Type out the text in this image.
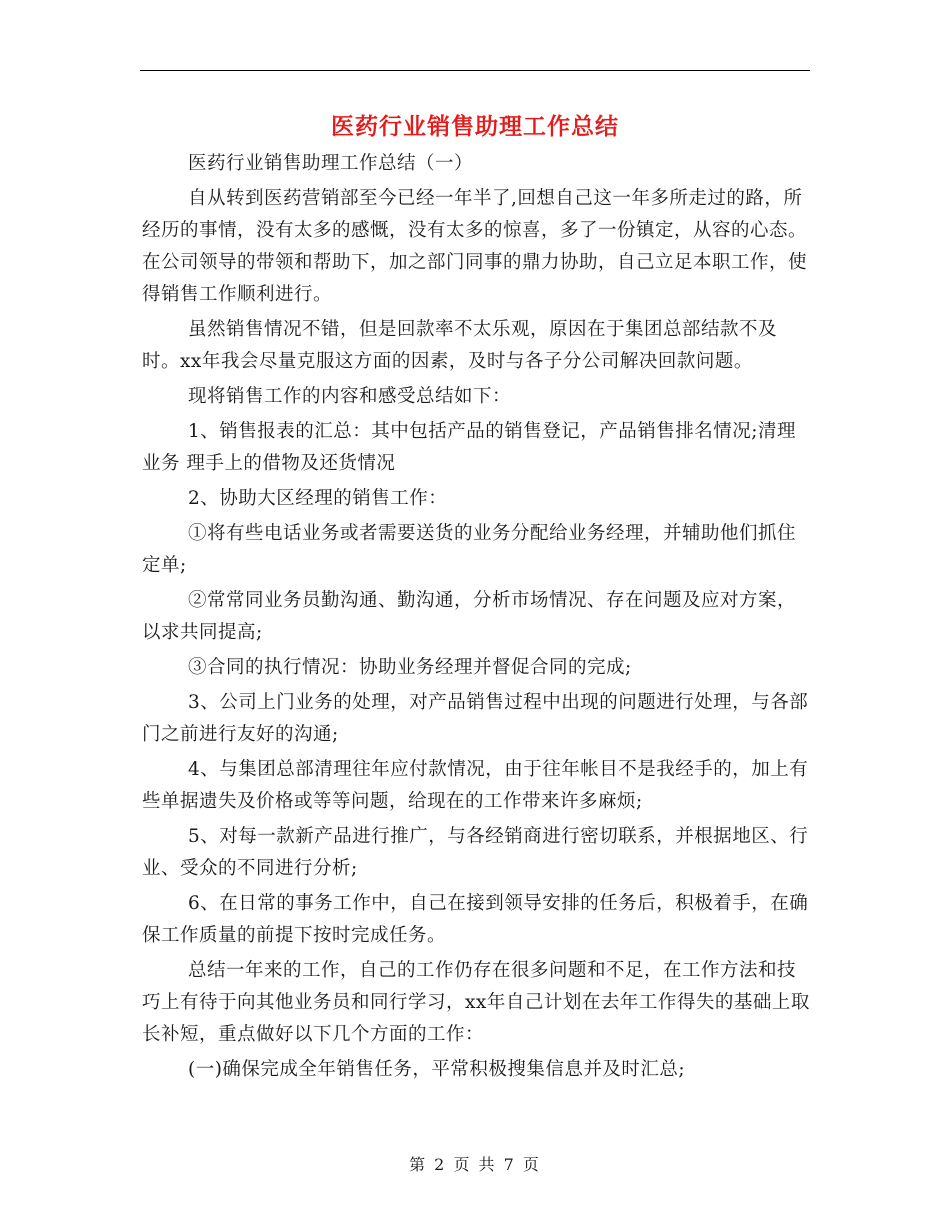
医药行业销售助理工作总结

医药行业销售助理工作总结（一）

自从转到医药营销部至今已经一年半了,回想自己这一年多所走过的路，所经历的事情，没有太多的感慨，没有太多的惊喜，多了一份镇定，从容的心态。在公司领导的带领和帮助下，加之部门同事的鼎力协助，自己立足本职工作，使得销售工作顺利进行。

虽然销售情况不错，但是回款率不太乐观，原因在于集团总部结款不及时。xx年我会尽量克服这方面的因素，及时与各子分公司解决回款问题。

现将销售工作的内容和感受总结如下：

1、销售报表的汇总：其中包括产品的销售登记，产品销售排名情况;清理业务 理手上的借物及还货情况

2、协助大区经理的销售工作：

①将有些电话业务或者需要送货的业务分配给业务经理，并辅助他们抓住定单;

②常常同业务员勤沟通、勤沟通，分析市场情况、存在问题及应对方案，以求共同提高;

③合同的执行情况：协助业务经理并督促合同的完成;

3、公司上门业务的处理，对产品销售过程中出现的问题进行处理，与各部门之前进行友好的沟通;

4、与集团总部清理往年应付款情况，由于往年帐目不是我经手的，加上有些单据遗失及价格或等等问题，给现在的工作带来许多麻烦;

5、对每一款新产品进行推广，与各经销商进行密切联系，并根据地区、行业、受众的不同进行分析;

6、在日常的事务工作中，自己在接到领导安排的任务后，积极着手，在确保工作质量的前提下按时完成任务。

总结一年来的工作，自己的工作仍存在很多问题和不足，在工作方法和技巧上有待于向其他业务员和同行学习，xx年自己计划在去年工作得失的基础上取长补短，重点做好以下几个方面的工作：

(一)确保完成全年销售任务，平常积极搜集信息并及时汇总;

第 2 页 共 7 页
